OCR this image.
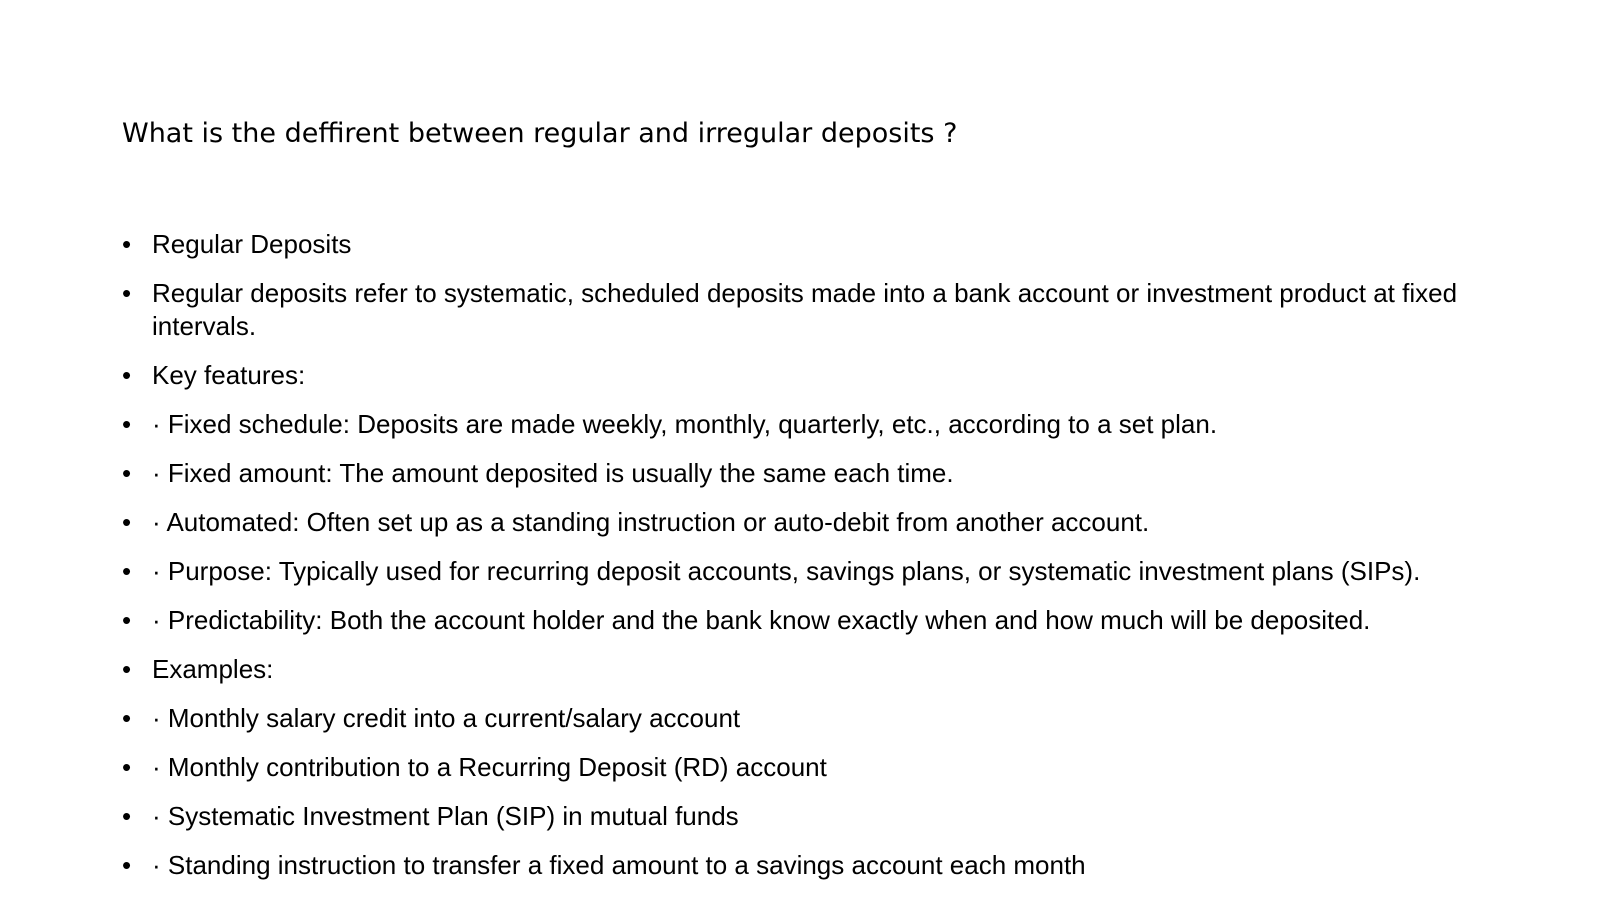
What is the deffirent between regular and irregular deposits ?
• Regular Deposits
• Regular deposits refer to systematic, scheduled deposits made into a bank account or investment product at fixed intervals.
• Key features:
• · Fixed schedule: Deposits are made weekly, monthly, quarterly, etc., according to a set plan.
• · Fixed amount: The amount deposited is usually the same each time.
• · Automated: Often set up as a standing instruction or auto-debit from another account.
• · Purpose: Typically used for recurring deposit accounts, savings plans, or systematic investment plans (SIPs).
• · Predictability: Both the account holder and the bank know exactly when and how much will be deposited.
• Examples:
• · Monthly salary credit into a current/salary account
• · Monthly contribution to a Recurring Deposit (RD) account
• · Systematic Investment Plan (SIP) in mutual funds
• · Standing instruction to transfer a fixed amount to a savings account each month
